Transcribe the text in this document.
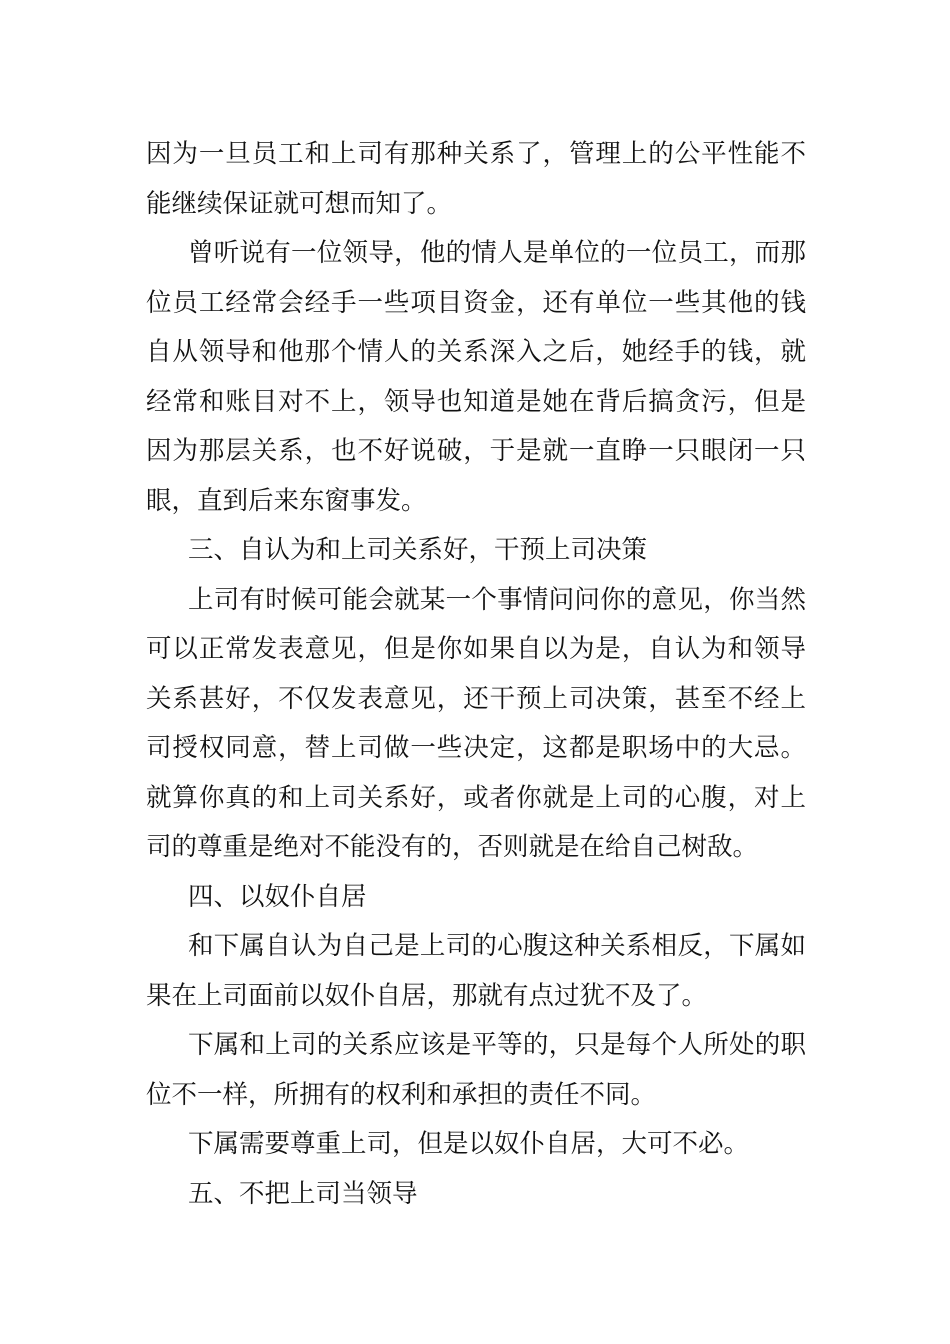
因为一旦员工和上司有那种关系了，管理上的公平性能不
能继续保证就可想而知了。
曾听说有一位领导，他的情人是单位的一位员工，而那
位员工经常会经手一些项目资金，还有单位一些其他的钱
自从领导和他那个情人的关系深入之后，她经手的钱，就
经常和账目对不上，领导也知道是她在背后搞贪污，但是
因为那层关系，也不好说破，于是就一直睁一只眼闭一只
眼，直到后来东窗事发。
三、自认为和上司关系好，干预上司决策
上司有时候可能会就某一个事情问问你的意见，你当然
可以正常发表意见，但是你如果自以为是，自认为和领导
关系甚好，不仅发表意见，还干预上司决策，甚至不经上
司授权同意，替上司做一些决定，这都是职场中的大忌。
就算你真的和上司关系好，或者你就是上司的心腹，对上
司的尊重是绝对不能没有的，否则就是在给自己树敌。
四、以奴仆自居
和下属自认为自己是上司的心腹这种关系相反，下属如
果在上司面前以奴仆自居，那就有点过犹不及了。
下属和上司的关系应该是平等的，只是每个人所处的职
位不一样，所拥有的权利和承担的责任不同。
下属需要尊重上司，但是以奴仆自居，大可不必。
五、不把上司当领导
